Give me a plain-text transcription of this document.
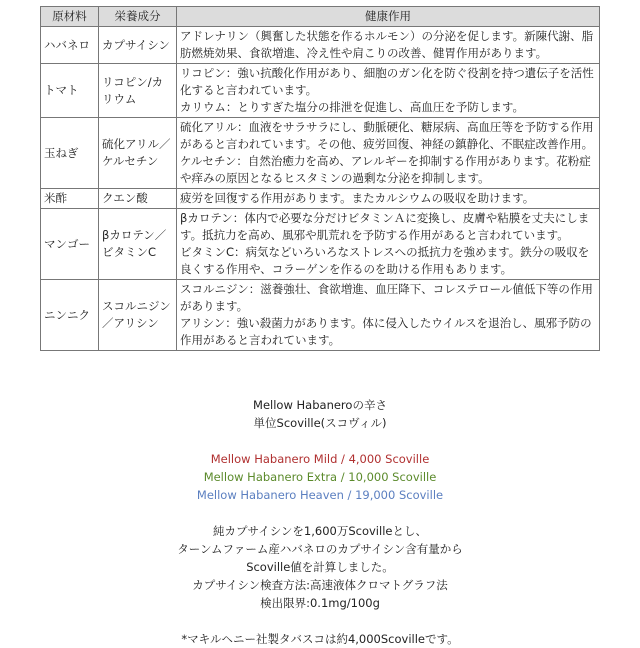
原材料	栄養成分	健康作用
ハバネロ	カプサイシン	アドレナリン（興奮した状態を作るホルモン）の分泌を促します。新陳代謝、脂肪燃焼効果、食欲増進、冷え性や肩こりの改善、健胃作用があります。

トマト	リコピン/カリウム	リコピン：強い抗酸化作用があり、細胞のガン化を防ぐ役割を持つ遺伝子を活性化すると言われています。
カリウム：とりすぎた塩分の排泄を促進し、高血圧を予防します。

玉ねぎ	硫化アリル／ケルセチン	硫化アリル：血液をサラサラにし、動脈硬化、糖尿病、高血圧等を予防する作用があると言われています。その他、疲労回復、神経の鎮静化、不眠症改善作用。
ケルセチン：自然治癒力を高め、アレルギーを抑制する作用があります。花粉症や痒みの原因となるヒスタミンの過剰な分泌を抑制します。

米酢	クエン酸	疲労を回復する作用があります。またカルシウムの吸収を助けます。

マンゴー	βカロテン／ビタミンC	βカロテン：体内で必要な分だけビタミンＡに変換し、皮膚や粘膜を丈夫にします。抵抗力を高め、風邪や肌荒れを予防する作用があると言われています。
ビタミンC：病気などいろいろなストレスへの抵抗力を強めます。鉄分の吸収を良くする作用や、コラーゲンを作るのを助ける作用もあります。

ニンニク	スコルニジン／アリシン	スコルニジン：滋養強壮、食欲増進、血圧降下、コレステロール値低下等の作用があります。
アリシン：強い殺菌力があります。体に侵入したウイルスを退治し、風邪予防の作用があると言われています。

Mellow Habaneroの辛さ

単位Scoville(スコヴィル)

Mellow Habanero Mild / 4,000 Scoville

Mellow Habanero Extra / 10,000 Scoville

Mellow Habanero Heaven / 19,000 Scoville

純カプサイシンを1,600万Scovilleとし、

ターンムファーム産ハバネロのカプサイシン含有量から

Scoville値を計算しました。

カプサイシン検査方法:高速液体クロマトグラフ法

検出限界:0.1mg/100g

*マキルヘニー社製タバスコは約4,000Scovilleです。
